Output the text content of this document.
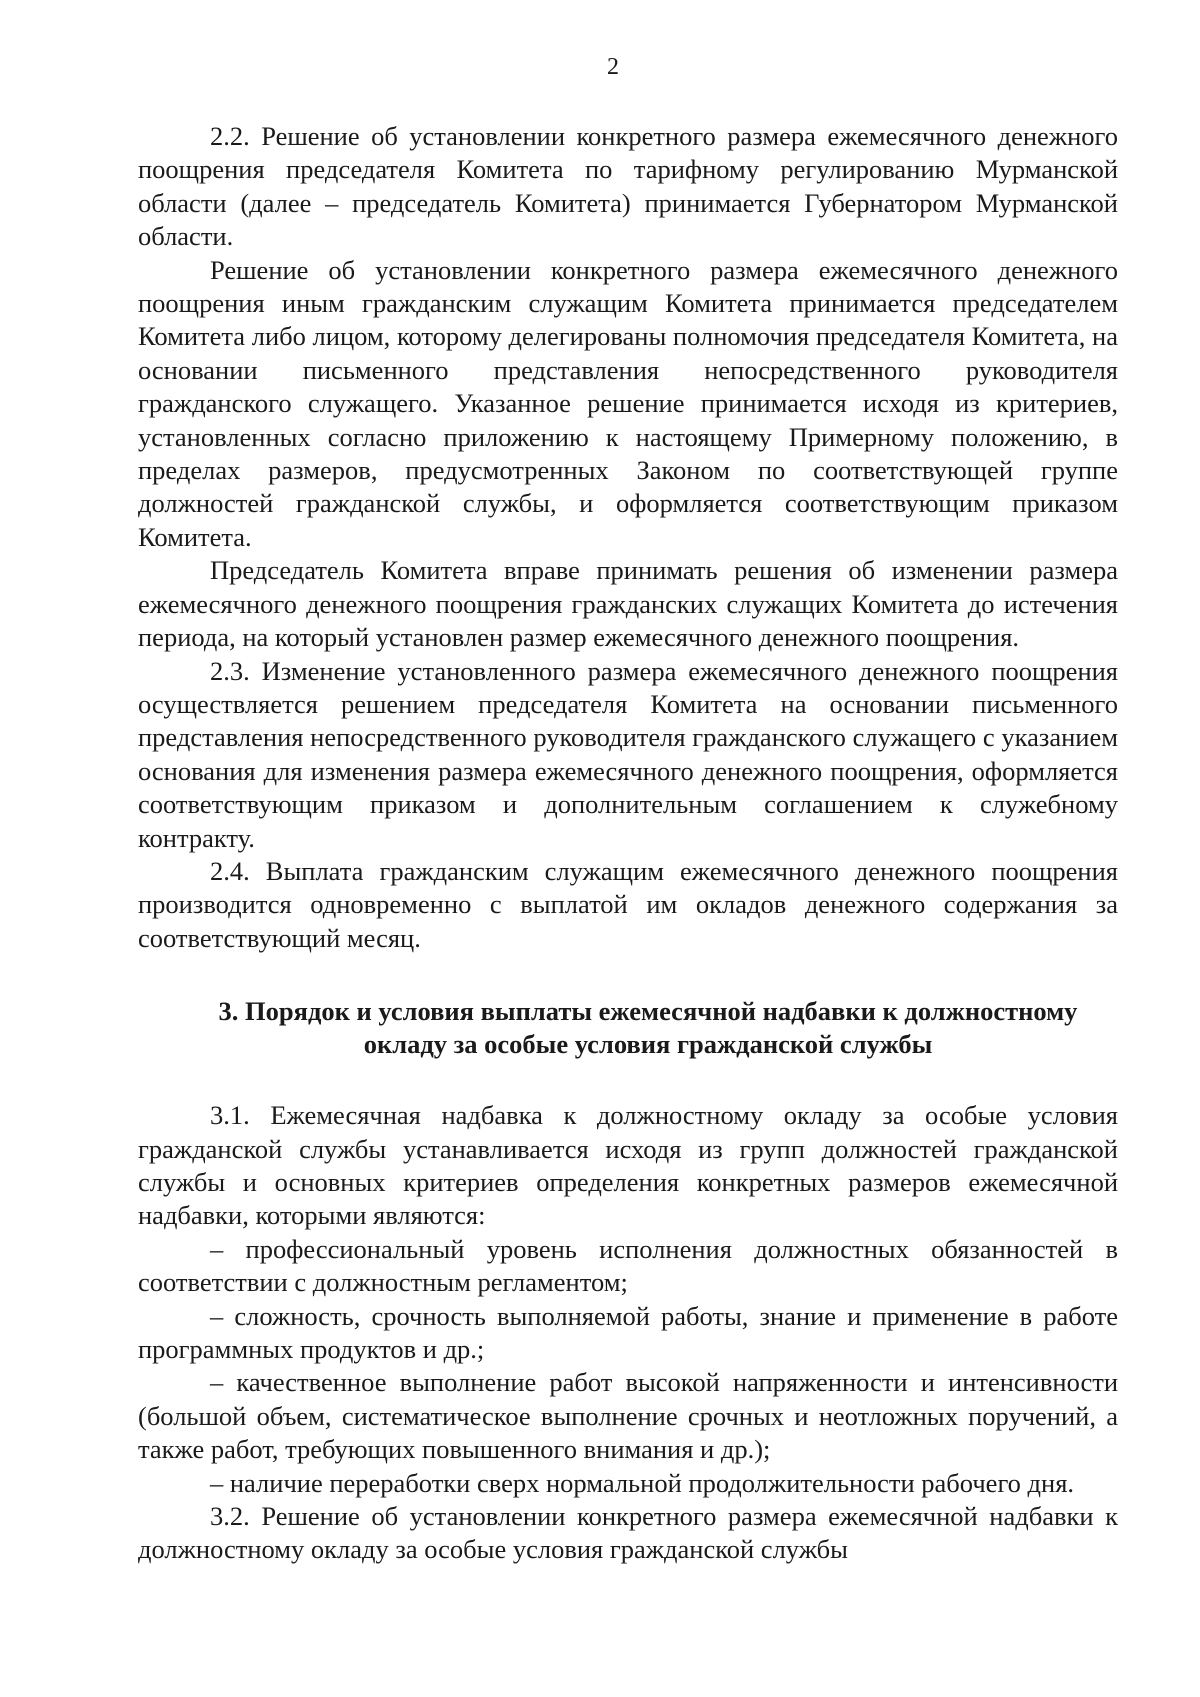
2

2.2. Решение об установлении конкретного размера ежемесячного денежного поощрения председателя Комитета по тарифному регулированию Мурманской области (далее – председатель Комитета) принимается Губернатором Мурманской области.

Решение об установлении конкретного размера ежемесячного денежного поощрения иным гражданским служащим Комитета принимается председателем Комитета либо лицом, которому делегированы полномочия председателя Комитета, на основании письменного представления непосредственного руководителя гражданского служащего. Указанное решение принимается исходя из критериев, установленных согласно приложению к настоящему Примерному положению, в пределах размеров, предусмотренных Законом по соответствующей группе должностей гражданской службы, и оформляется соответствующим приказом Комитета.

Председатель Комитета вправе принимать решения об изменении размера ежемесячного денежного поощрения гражданских служащих Комитета до истечения периода, на который установлен размер ежемесячного денежного поощрения.

2.3. Изменение установленного размера ежемесячного денежного поощрения осуществляется решением председателя Комитета на основании письменного представления непосредственного руководителя гражданского служащего с указанием основания для изменения размера ежемесячного денежного поощрения, оформляется соответствующим приказом и дополнительным соглашением к служебному контракту.

2.4. Выплата гражданским служащим ежемесячного денежного поощрения производится одновременно с выплатой им окладов денежного содержания за соответствующий месяц.

3. Порядок и условия выплаты ежемесячной надбавки к должностному
окладу за особые условия гражданской службы

3.1. Ежемесячная надбавка к должностному окладу за особые условия гражданской службы устанавливается исходя из групп должностей гражданской службы и основных критериев определения конкретных размеров ежемесячной надбавки, которыми являются:

– профессиональный уровень исполнения должностных обязанностей в соответствии с должностным регламентом;

– сложность, срочность выполняемой работы, знание и применение в работе программных продуктов и др.;

– качественное выполнение работ высокой напряженности и интенсивности (большой объем, систематическое выполнение срочных и неотложных поручений, а также работ, требующих повышенного внимания и др.);

– наличие переработки сверх нормальной продолжительности рабочего дня.

3.2. Решение об установлении конкретного размера ежемесячной надбавки к должностному окладу за особые условия гражданской службы
